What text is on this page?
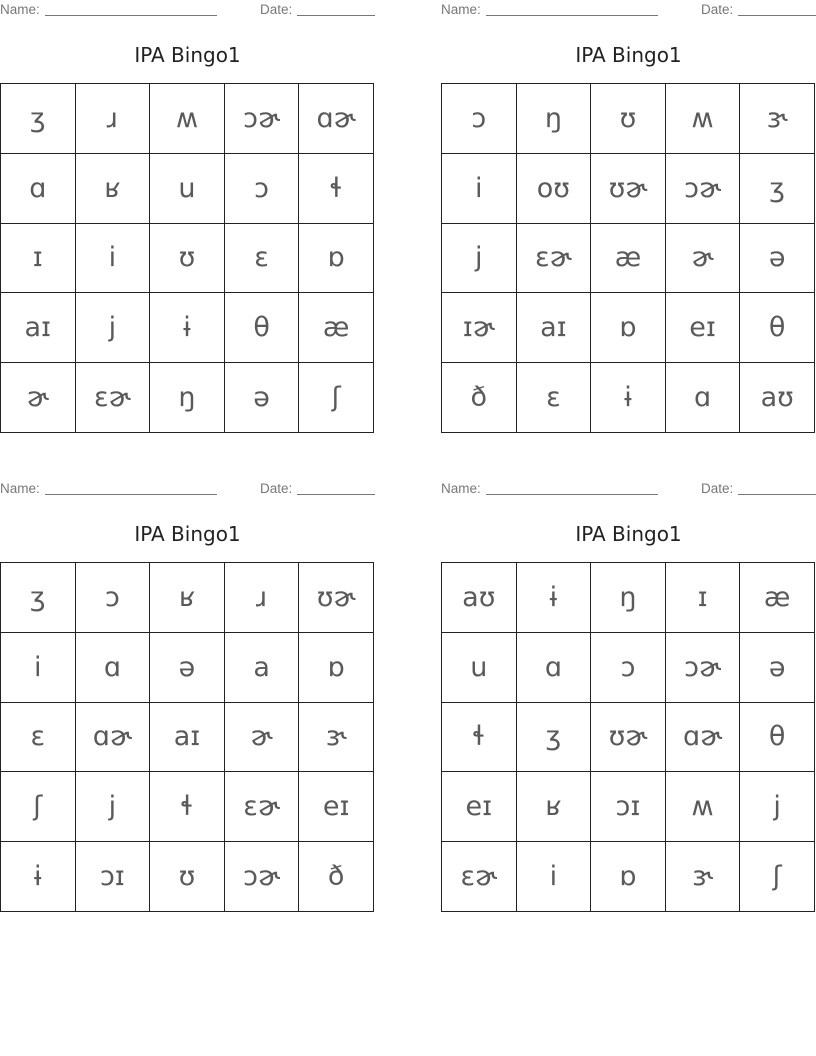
Name:	Date:
IPA Bingo1
ʒ	ɹ	ʍ	ɔɚ	ɑɚ
ɑ	ʁ	u	ɔ	ɬ
ɪ	i	ʊ	ɛ	ɒ
aɪ	j	ɨ	θ	æ
ɚ	ɛɚ	ŋ	ə	ʃ
Name:	Date:
IPA Bingo1
ɔ	ŋ	ʊ	ʍ	ɝ
i	oʊ	ʊɚ	ɔɚ	ʒ
j	ɛɚ	æ	ɚ	ə
ɪɚ	aɪ	ɒ	eɪ	θ
ð	ɛ	ɨ	ɑ	aʊ
Name:	Date:
IPA Bingo1
ʒ	ɔ	ʁ	ɹ	ʊɚ
i	ɑ	ə	a	ɒ
ɛ	ɑɚ	aɪ	ɚ	ɝ
ʃ	j	ɬ	ɛɚ	eɪ
ɨ	ɔɪ	ʊ	ɔɚ	ð
Name:	Date:
IPA Bingo1
aʊ	ɨ	ŋ	ɪ	æ
u	ɑ	ɔ	ɔɚ	ə
ɬ	ʒ	ʊɚ	ɑɚ	θ
eɪ	ʁ	ɔɪ	ʍ	j
ɛɚ	i	ɒ	ɝ	ʃ
